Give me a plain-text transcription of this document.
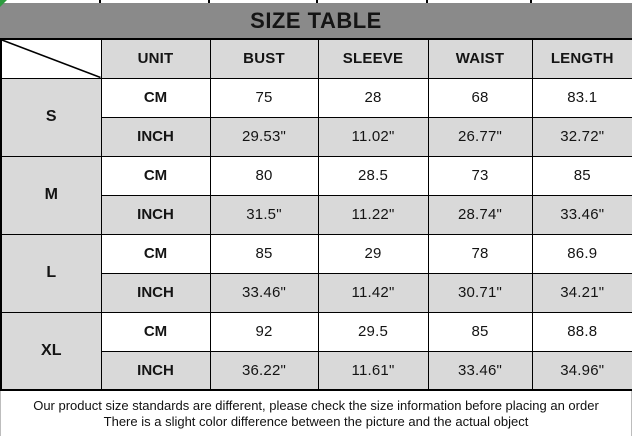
SIZE TABLE
	UNIT	BUST	SLEEVE	WAIST	LENGTH
S	CM	75	28	68	83.1
	INCH	29.53"	11.02"	26.77"	32.72"
M	CM	80	28.5	73	85
	INCH	31.5"	11.22"	28.74"	33.46"
L	CM	85	29	78	86.9
	INCH	33.46"	11.42"	30.71"	34.21"
XL	CM	92	29.5	85	88.8
	INCH	36.22"	11.61"	33.46"	34.96"
Our product size standards are different, please check the size information before placing an order
There is a slight color difference between the picture and the actual object
